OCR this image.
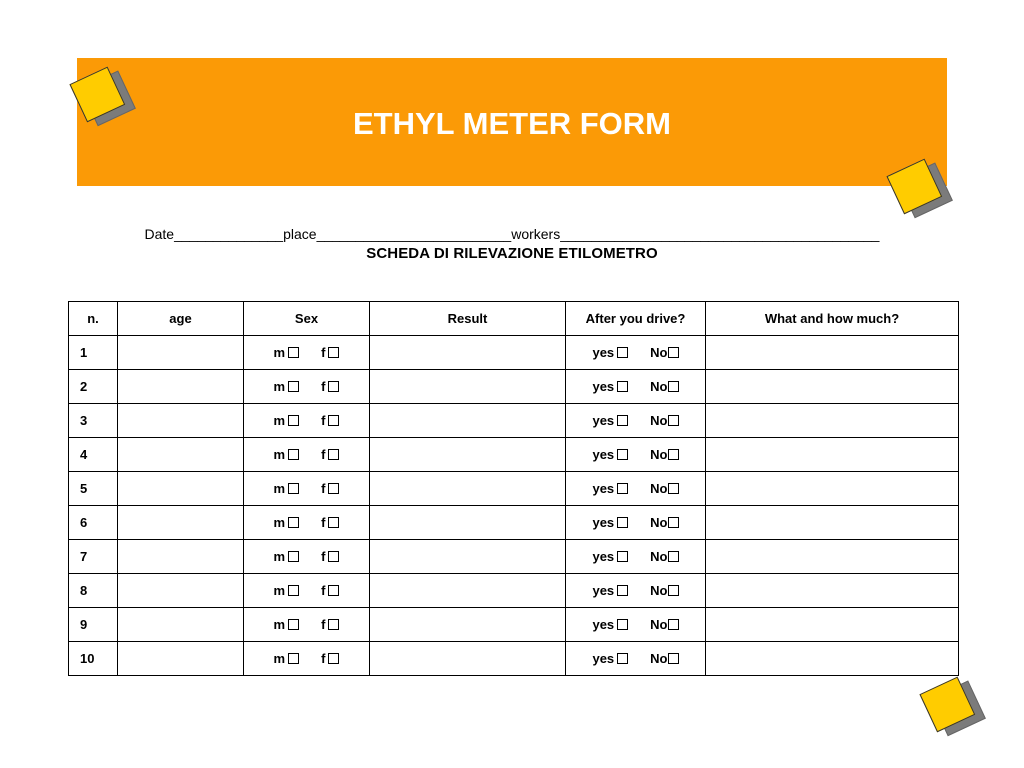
ETHYL METER FORM
Date______________place_________________________workers_________________________________________
SCHEDA DI RILEVAZIONE ETILOMETRO
n.	age	Sex	Result	After you drive?	What and how much?
1		m f		yes No	
2		m f		yes No	
3		m f		yes No	
4		m f		yes No	
5		m f		yes No	
6		m f		yes No	
7		m f		yes No	
8		m f		yes No	
9		m f		yes No	
10		m f		yes No	
